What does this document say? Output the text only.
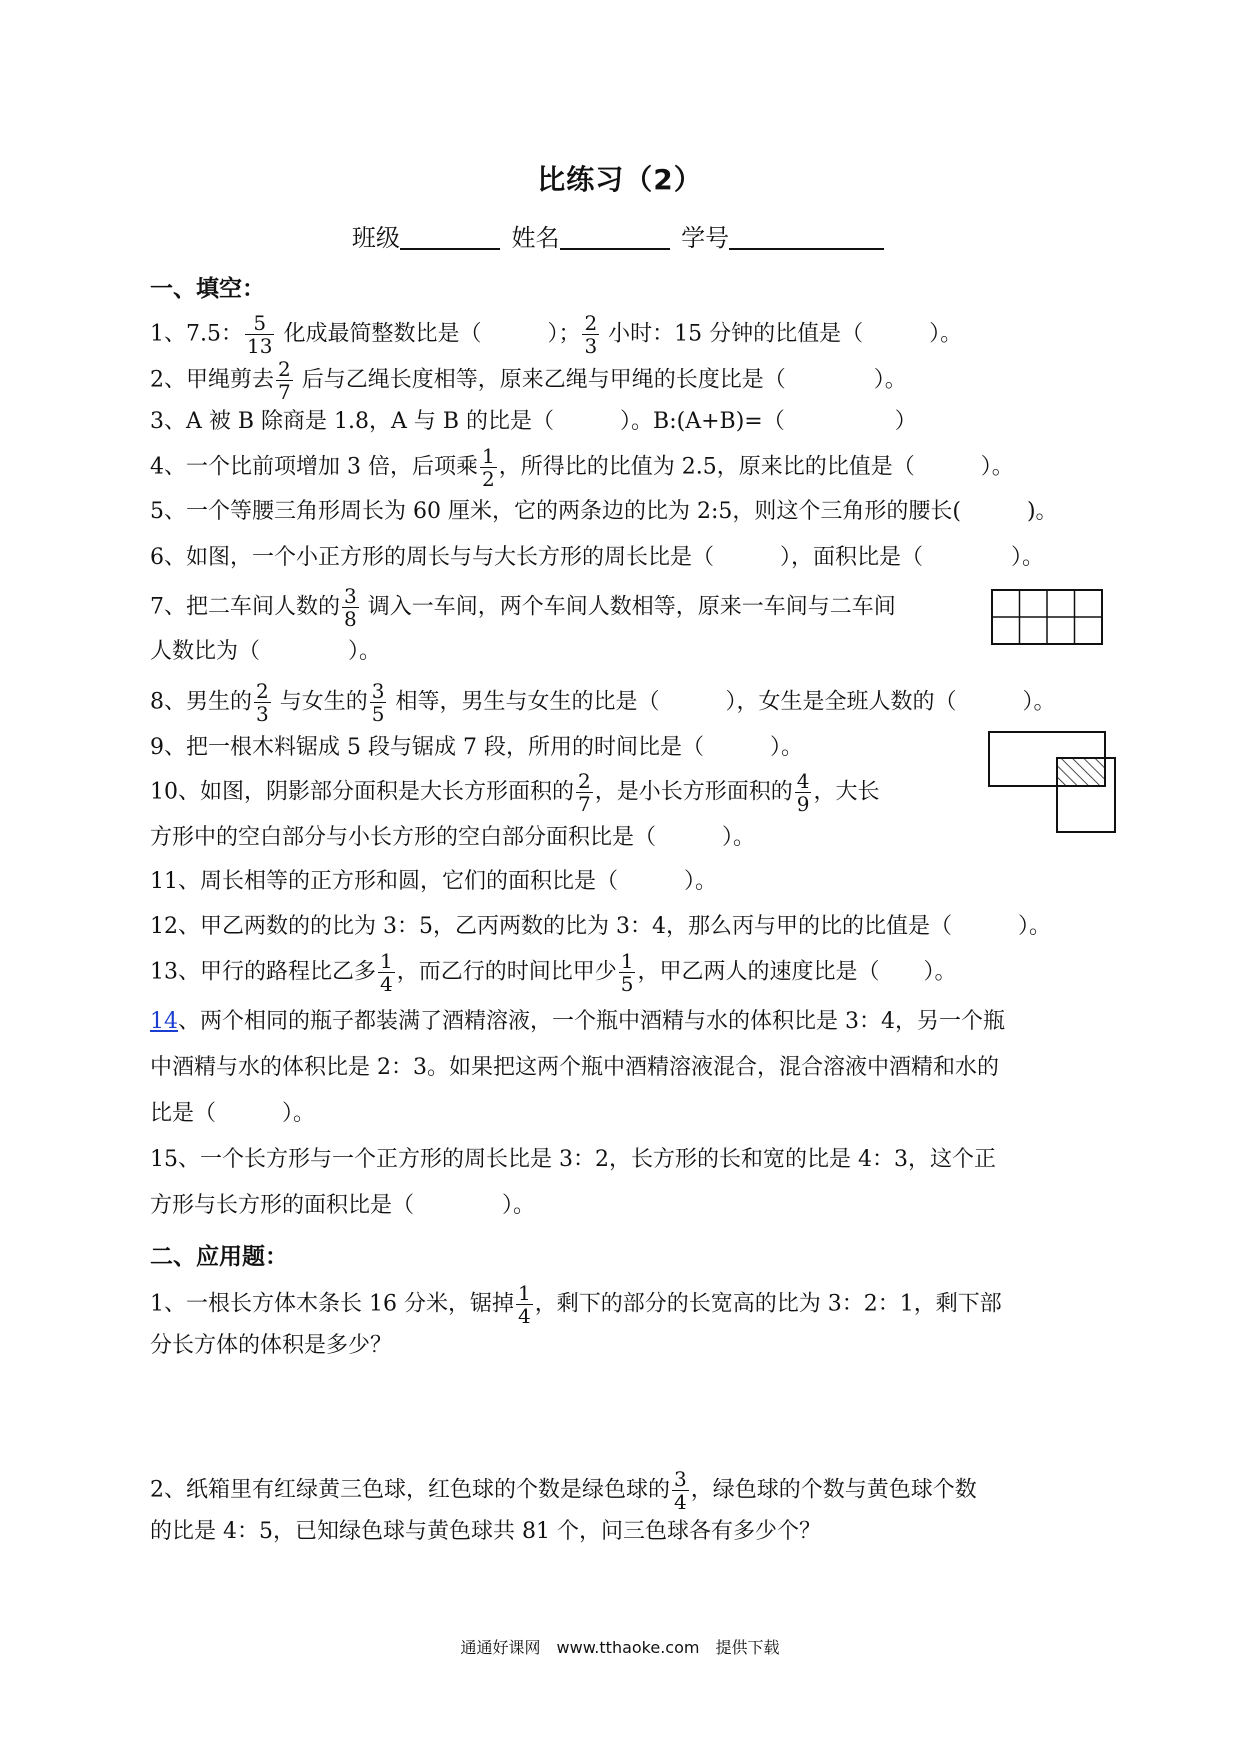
比练习（2）
班级	姓名	学号
一、填空：
1、7.5： $\frac{5}{13}$ 化成最简整数比是（　　　）； $\frac{2}{3}$ 小时：15 分钟的比值是（　　　）。
2、甲绳剪去 $\frac{2}{7}$ 后与乙绳长度相等，原来乙绳与甲绳的长度比是（　　　　）。
3、A 被 B 除商是 1.8，A 与 B 的比是（　　　）。B:(A+B)=（　　　　　）
4、一个比前项增加 3 倍，后项乘 $\frac{1}{2}$ ，所得比的比值为 2.5，原来比的比值是（　　　）。
5、一个等腰三角形周长为 60 厘米，它的两条边的比为 2:5，则这个三角形的腰长(　　　)。
6、如图，一个小正方形的周长与与大长方形的周长比是（　　　），面积比是（　　　　）。
7、把二车间人数的 $\frac{3}{8}$ 调入一车间，两个车间人数相等，原来一车间与二车间
人数比为（　　　　）。
8、男生的 $\frac{2}{3}$ 与女生的 $\frac{3}{5}$ 相等，男生与女生的比是（　　　），女生是全班人数的（　　　）。
9、把一根木料锯成 5 段与锯成 7 段，所用的时间比是（　　　）。
10、如图，阴影部分面积是大长方形面积的 $\frac{2}{7}$ ，是小长方形面积的 $\frac{4}{9}$ ，大长
方形中的空白部分与小长方形的空白部分面积比是（　　　）。
11、周长相等的正方形和圆，它们的面积比是（　　　）。
12、甲乙两数的的比为 3：5，乙丙两数的比为 3：4，那么丙与甲的比的比值是（　　　）。
13、甲行的路程比乙多 $\frac{1}{4}$ ，而乙行的时间比甲少 $\frac{1}{5}$ ，甲乙两人的速度比是（　　）。
14、两个相同的瓶子都装满了酒精溶液，一个瓶中酒精与水的体积比是 3：4，另一个瓶
中酒精与水的体积比是 2：3。如果把这两个瓶中酒精溶液混合，混合溶液中酒精和水的
比是（　　　）。
15、一个长方形与一个正方形的周长比是 3：2，长方形的长和宽的比是 4：3，这个正
方形与长方形的面积比是（　　　　）。
二、应用题：
1、一根长方体木条长 16 分米，锯掉 $\frac{1}{4}$ ，剩下的部分的长宽高的比为 3：2：1，剩下部
分长方体的体积是多少？
2、纸箱里有红绿黄三色球，红色球的个数是绿色球的 $\frac{3}{4}$ ，绿色球的个数与黄色球个数
的比是 4：5，已知绿色球与黄色球共 81 个，问三色球各有多少个？
通通好课网　www.tthaoke.com　提供下载
